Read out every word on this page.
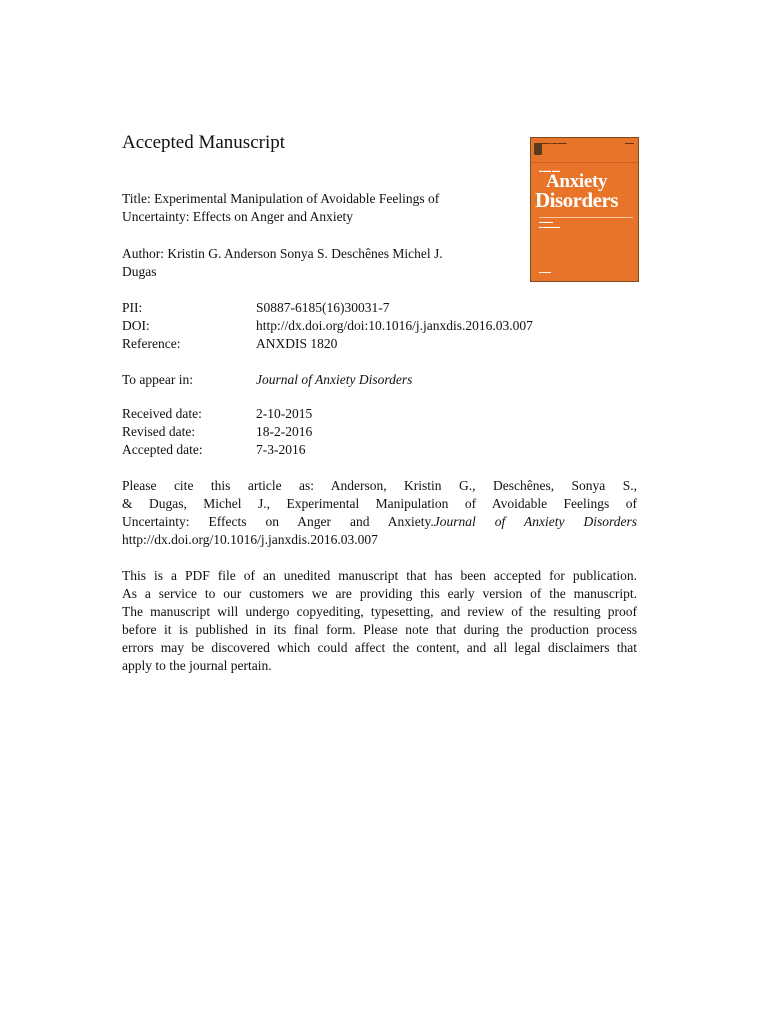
Accepted Manuscript
Title: Experimental Manipulation of Avoidable Feelings of
Uncertainty: Effects on Anger and Anxiety
Author: Kristin G. Anderson Sonya S. Deschênes Michel J.
Dugas
PII:	S0887-6185(16)30031-7
DOI:	http://dx.doi.org/doi:10.1016/j.janxdis.2016.03.007
Reference:	ANXDIS 1820
To appear in:	Journal of Anxiety Disorders
Received date:	2-10-2015
Revised date:	18-2-2016
Accepted date:	7-3-2016
Please cite this article as: Anderson, Kristin G., Deschênes, Sonya S.,
& Dugas, Michel J., Experimental Manipulation of Avoidable Feelings of
Uncertainty: Effects on Anger and Anxiety.Journal of Anxiety Disorders
http://dx.doi.org/10.1016/j.janxdis.2016.03.007
This is a PDF file of an unedited manuscript that has been accepted for publication.
As a service to our customers we are providing this early version of the manuscript.
The manuscript will undergo copyediting, typesetting, and review of the resulting proof
before it is published in its final form. Please note that during the production process
errors may be discovered which could affect the content, and all legal disclaimers that
apply to the journal pertain.
▬▬▬ ▬▬ ▬▬▬	▬▬▬
▬▬▬ ▬▬
Anxiety
Disorders
▬▬▬▬
▬▬▬▬▬▬
▬▬▬▬
